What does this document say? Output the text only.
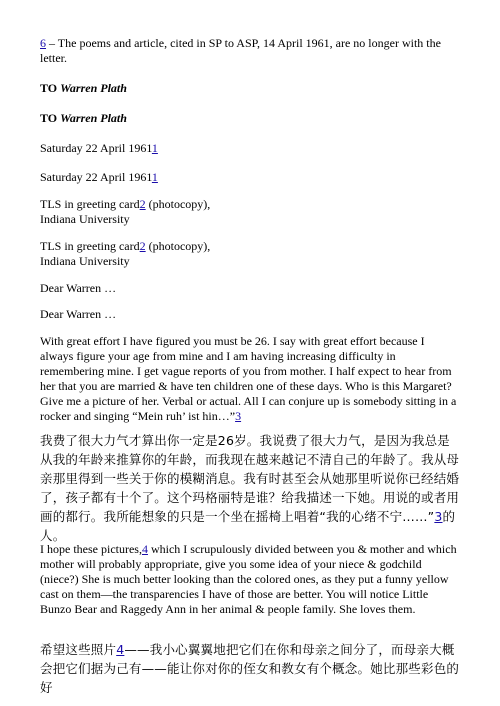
6 – The poems and article, cited in SP to ASP, 14 April 1961, are no longer with the letter.

TO Warren Plath

TO Warren Plath

Saturday 22 April 19611

Saturday 22 April 19611

TLS in greeting card2 (photocopy),
Indiana University

TLS in greeting card2 (photocopy),
Indiana University

Dear Warren …

Dear Warren …

With great effort I have figured you must be 26. I say with great effort because I always figure your age from mine and I am having increasing difficulty in remembering mine. I get vague reports of you from mother. I half expect to hear from her that you are married & have ten children one of these days. Who is this Margaret? Give me a picture of her. Verbal or actual. All I can conjure up is somebody sitting in a rocker and singing “Mein ruh’ ist hin…”3

我费了很大力气才算出你一定是26岁。我说费了很大力气，是因为我总是从我的年龄来推算你的年龄，而我现在越来越记不清自己的年龄了。我从母亲那里得到一些关于你的模糊消息。我有时甚至会从她那里听说你已经结婚了，孩子都有十个了。这个玛格丽特是谁？给我描述一下她。用说的或者用画的都行。我所能想象的只是一个坐在摇椅上唱着“我的心绪不宁……”3的人。

I hope these pictures,4 which I scrupulously divided between you & mother and which mother will probably appropriate, give you some idea of your niece & godchild (niece?) She is much better looking than the colored ones, as they put a funny yellow cast on them—the transparencies I have of those are better. You will notice Little Bunzo Bear and Raggedy Ann in her animal & people family. She loves them.

希望这些照片4——我小心翼翼地把它们在你和母亲之间分了，而母亲大概会把它们据为己有——能让你对你的侄女和教女有个概念。她比那些彩色的好
